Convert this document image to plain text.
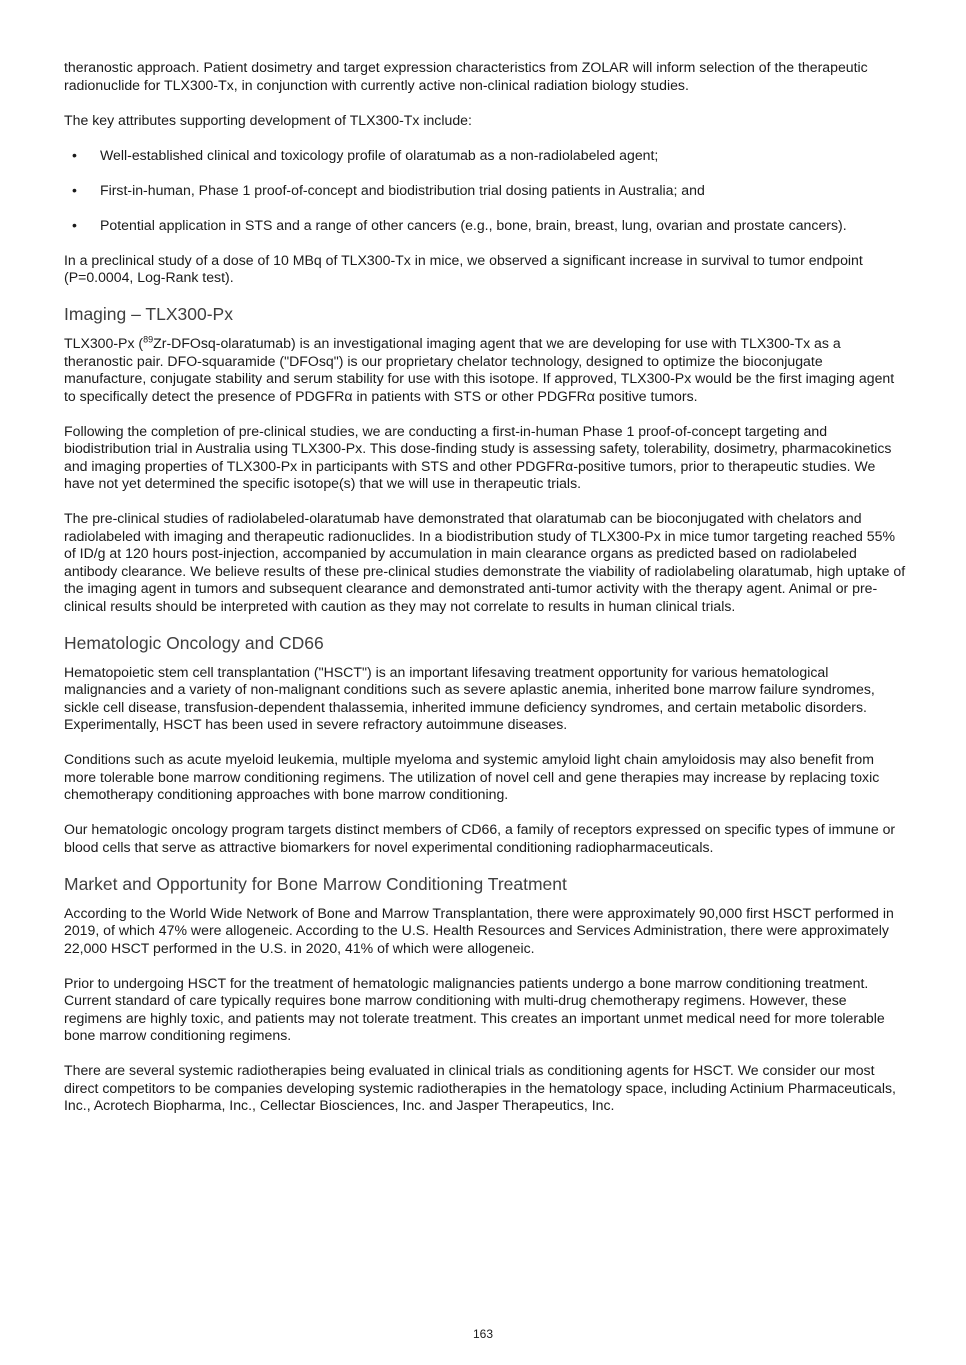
theranostic approach. Patient dosimetry and target expression characteristics from ZOLAR will inform selection of the therapeutic radionuclide for TLX300-Tx, in conjunction with currently active non-clinical radiation biology studies.

The key attributes supporting development of TLX300-Tx include:

• Well-established clinical and toxicology profile of olaratumab as a non-radiolabeled agent;
• First-in-human, Phase 1 proof-of-concept and biodistribution trial dosing patients in Australia; and
• Potential application in STS and a range of other cancers (e.g., bone, brain, breast, lung, ovarian and prostate cancers).

In a preclinical study of a dose of 10 MBq of TLX300-Tx in mice, we observed a significant increase in survival to tumor endpoint (P=0.0004, Log-Rank test).

Imaging – TLX300-Px

TLX300-Px ($^{89}$Zr-DFOsq-olaratumab) is an investigational imaging agent that we are developing for use with TLX300-Tx as a theranostic pair. DFO-squaramide ("DFOsq") is our proprietary chelator technology, designed to optimize the bioconjugate manufacture, conjugate stability and serum stability for use with this isotope. If approved, TLX300-Px would be the first imaging agent to specifically detect the presence of PDGFRα in patients with STS or other PDGFRα positive tumors.

Following the completion of pre-clinical studies, we are conducting a first-in-human Phase 1 proof-of-concept targeting and biodistribution trial in Australia using TLX300-Px. This dose-finding study is assessing safety, tolerability, dosimetry, pharmacokinetics and imaging properties of TLX300-Px in participants with STS and other PDGFRα-positive tumors, prior to therapeutic studies. We have not yet determined the specific isotope(s) that we will use in therapeutic trials.

The pre-clinical studies of radiolabeled-olaratumab have demonstrated that olaratumab can be bioconjugated with chelators and radiolabeled with imaging and therapeutic radionuclides. In a biodistribution study of TLX300-Px in mice tumor targeting reached 55% of ID/g at 120 hours post-injection, accompanied by accumulation in main clearance organs as predicted based on radiolabeled antibody clearance. We believe results of these pre-clinical studies demonstrate the viability of radiolabeling olaratumab, high uptake of the imaging agent in tumors and subsequent clearance and demonstrated anti-tumor activity with the therapy agent. Animal or pre-clinical results should be interpreted with caution as they may not correlate to results in human clinical trials.

Hematologic Oncology and CD66

Hematopoietic stem cell transplantation ("HSCT") is an important lifesaving treatment opportunity for various hematological malignancies and a variety of non-malignant conditions such as severe aplastic anemia, inherited bone marrow failure syndromes, sickle cell disease, transfusion-dependent thalassemia, inherited immune deficiency syndromes, and certain metabolic disorders. Experimentally, HSCT has been used in severe refractory autoimmune diseases.

Conditions such as acute myeloid leukemia, multiple myeloma and systemic amyloid light chain amyloidosis may also benefit from more tolerable bone marrow conditioning regimens. The utilization of novel cell and gene therapies may increase by replacing toxic chemotherapy conditioning approaches with bone marrow conditioning.

Our hematologic oncology program targets distinct members of CD66, a family of receptors expressed on specific types of immune or blood cells that serve as attractive biomarkers for novel experimental conditioning radiopharmaceuticals.

Market and Opportunity for Bone Marrow Conditioning Treatment

According to the World Wide Network of Bone and Marrow Transplantation, there were approximately 90,000 first HSCT performed in 2019, of which 47% were allogeneic. According to the U.S. Health Resources and Services Administration, there were approximately 22,000 HSCT performed in the U.S. in 2020, 41% of which were allogeneic.

Prior to undergoing HSCT for the treatment of hematologic malignancies patients undergo a bone marrow conditioning treatment. Current standard of care typically requires bone marrow conditioning with multi-drug chemotherapy regimens. However, these regimens are highly toxic, and patients may not tolerate treatment. This creates an important unmet medical need for more tolerable bone marrow conditioning regimens.

There are several systemic radiotherapies being evaluated in clinical trials as conditioning agents for HSCT. We consider our most direct competitors to be companies developing systemic radiotherapies in the hematology space, including Actinium Pharmaceuticals, Inc., Acrotech Biopharma, Inc., Cellectar Biosciences, Inc. and Jasper Therapeutics, Inc.

163
